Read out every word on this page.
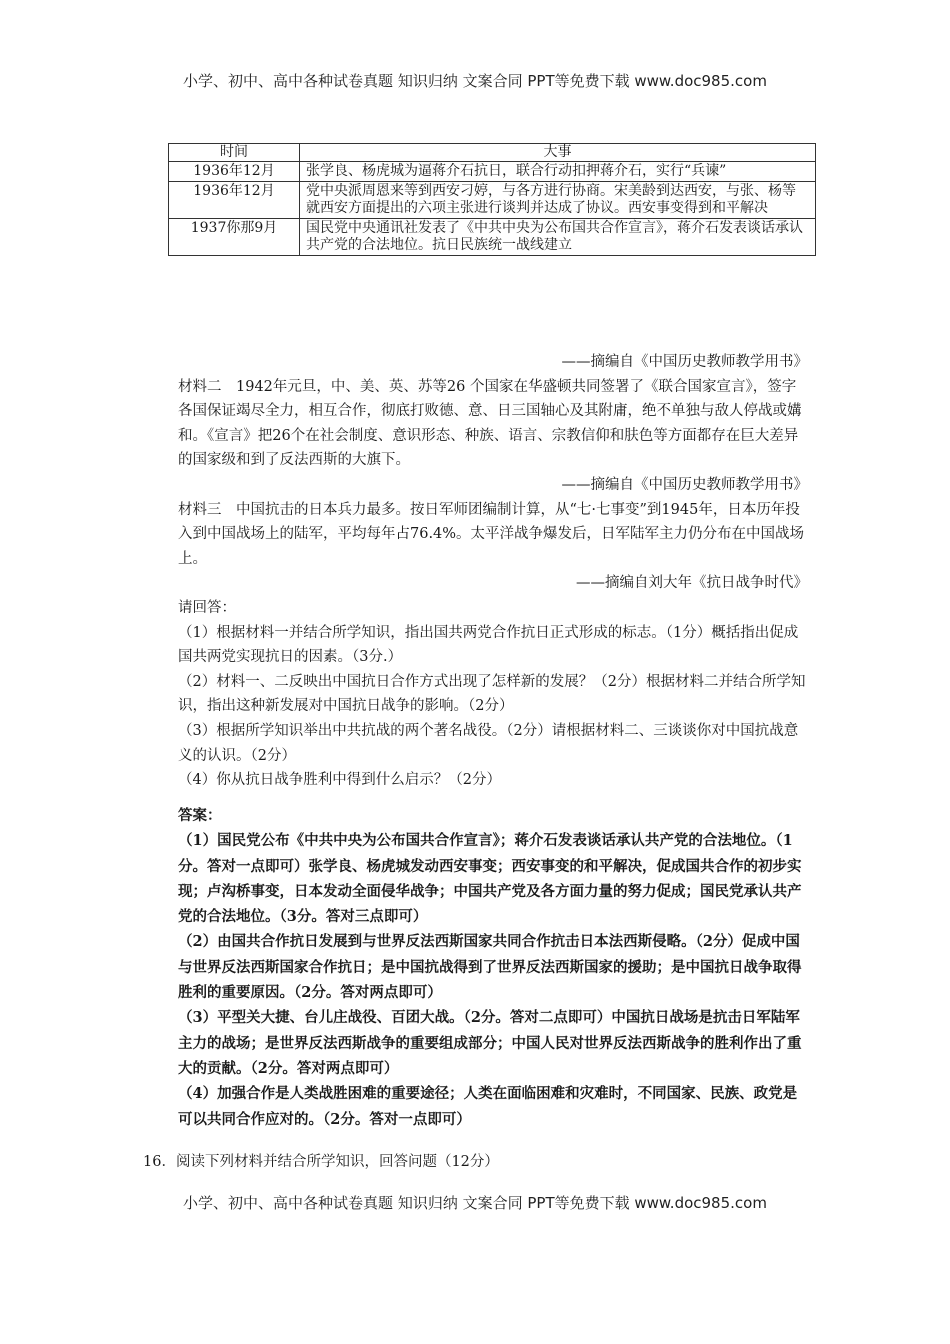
小学、初中、高中各种试卷真题 知识归纳 文案合同 PPT等免费下载 www.doc985.com
时间	大事
1936年12月	张学良、杨虎城为逼蒋介石抗日，联合行动扣押蒋介石，实行“兵谏”
1936年12月	党中央派周恩来等到西安刁婷，与各方进行协商。宋美龄到达西安，与张、杨等就西安方面提出的六项主张进行谈判并达成了协议。西安事变得到和平解决
1937你那9月	国民党中央通讯社发表了《中共中央为公布国共合作宣言》，蒋介石发表谈话承认共产党的合法地位。抗日民族统一战线建立
——摘编自《中国历史教师教学用书》
材料二　1942年元旦，中、美、英、苏等26 个国家在华盛顿共同签署了《联合国家宣言》，签字各国保证竭尽全力，相互合作，彻底打败德、意、日三国轴心及其附庸，绝不单独与敌人停战或媾和。《宣言》把26个在社会制度、意识形态、种族、语言、宗教信仰和肤色等方面都存在巨大差异的国家级和到了反法西斯的大旗下。
——摘编自《中国历史教师教学用书》
材料三　中国抗击的日本兵力最多。按日军师团编制计算，从“七·七事变”到1945年，日本历年投入到中国战场上的陆军，平均每年占76.4%。太平洋战争爆发后，日军陆军主力仍分布在中国战场上。
——摘编自刘大年《抗日战争时代》
请回答：
（1）根据材料一并结合所学知识，指出国共两党合作抗日正式形成的标志。（1分）概括指出促成国共两党实现抗日的因素。（3分.）
（2）材料一、二反映出中国抗日合作方式出现了怎样新的发展？（2分）根据材料二并结合所学知识，指出这种新发展对中国抗日战争的影响。（2分）
（3）根据所学知识举出中共抗战的两个著名战役。（2分）请根据材料二、三谈谈你对中国抗战意义的认识。（2分）
（4）你从抗日战争胜利中得到什么启示？（2分）
答案：
（1）国民党公布《中共中央为公布国共合作宣言》；蒋介石发表谈话承认共产党的合法地位。（1分。答对一点即可）张学良、杨虎城发动西安事变；西安事变的和平解决，促成国共合作的初步实现；卢沟桥事变，日本发动全面侵华战争；中国共产党及各方面力量的努力促成；国民党承认共产党的合法地位。（3分。答对三点即可）
（2）由国共合作抗日发展到与世界反法西斯国家共同合作抗击日本法西斯侵略。（2分）促成中国与世界反法西斯国家合作抗日；是中国抗战得到了世界反法西斯国家的援助；是中国抗日战争取得胜利的重要原因。（2分。答对两点即可）
（3）平型关大捷、台儿庄战役、百团大战。（2分。答对二点即可）中国抗日战场是抗击日军陆军主力的战场；是世界反法西斯战争的重要组成部分；中国人民对世界反法西斯战争的胜利作出了重大的贡献。（2分。答对两点即可）
（4）加强合作是人类战胜困难的重要途径；人类在面临困难和灾难时，不同国家、民族、政党是可以共同合作应对的。（2分。答对一点即可）
16．阅读下列材料并结合所学知识，回答问题（12分）
小学、初中、高中各种试卷真题 知识归纳 文案合同 PPT等免费下载 www.doc985.com
